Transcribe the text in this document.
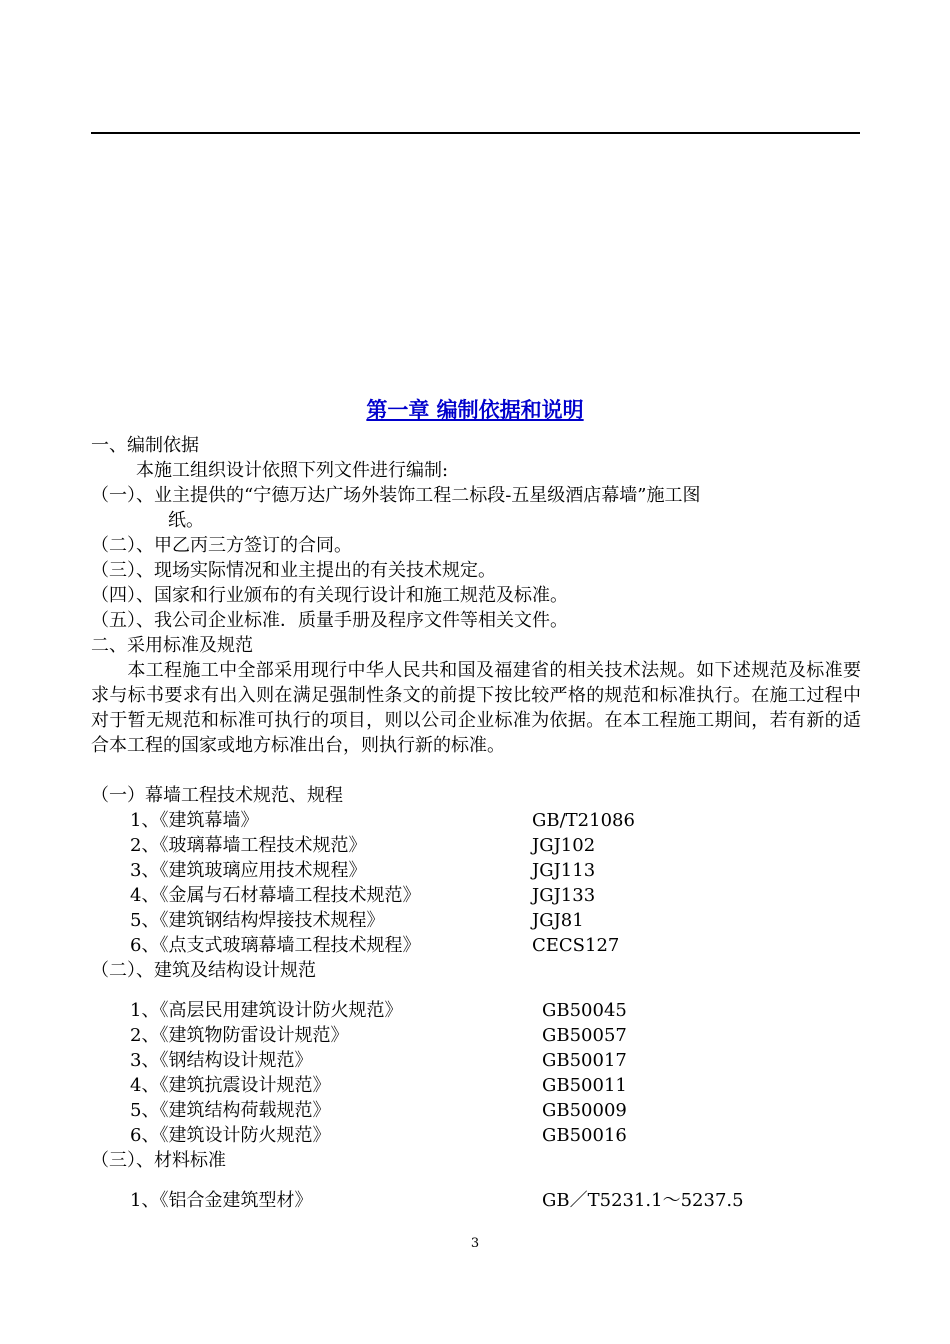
第一章 编制依据和说明
一、编制依据
本施工组织设计依照下列文件进行编制:
（一）、业主提供的“宁德万达广场外装饰工程二标段-五星级酒店幕墙”施工图
纸。
（二）、甲乙丙三方签订的合同。
（三）、现场实际情况和业主提出的有关技术规定。
（四）、国家和行业颁布的有关现行设计和施工规范及标准。
（五）、我公司企业标准．质量手册及程序文件等相关文件。
二、采用标准及规范
本工程施工中全部采用现行中华人民共和国及福建省的相关技术法规。如下述规范及标准要求与标书要求有出入则在满足强制性条文的前提下按比较严格的规范和标准执行。在施工过程中对于暂无规范和标准可执行的项目，则以公司企业标准为依据。在本工程施工期间，若有新的适合本工程的国家或地方标准出台，则执行新的标准。
（一）幕墙工程技术规范、规程
1、《建筑幕墙》	GB/T21086
2、《玻璃幕墙工程技术规范》	JGJ102
3、《建筑玻璃应用技术规程》	JGJ113
4、《金属与石材幕墙工程技术规范》	JGJ133
5、《建筑钢结构焊接技术规程》	JGJ81
6、《点支式玻璃幕墙工程技术规程》	CECS127
（二）、建筑及结构设计规范
1、《高层民用建筑设计防火规范》	GB50045
2、《建筑物防雷设计规范》	GB50057
3、《钢结构设计规范》	GB50017
4、《建筑抗震设计规范》	GB50011
5、《建筑结构荷载规范》	GB50009
6、《建筑设计防火规范》	GB50016
（三）、材料标准
1、《铝合金建筑型材》	GB／T5231.1～5237.5
3
